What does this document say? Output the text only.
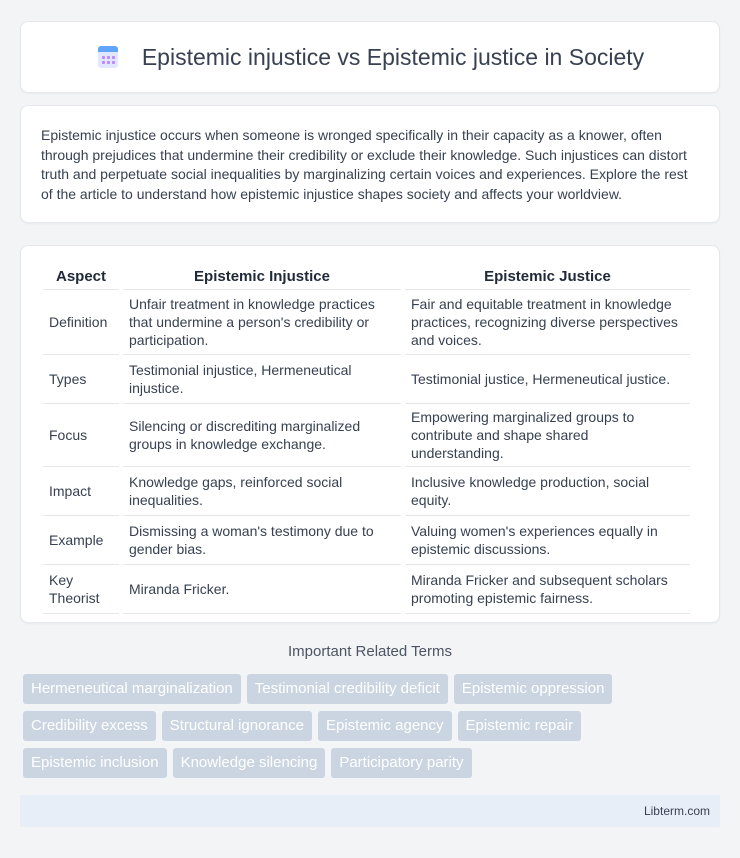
Epistemic injustice vs Epistemic justice in Society

Epistemic injustice occurs when someone is wronged specifically in their capacity as a knower, often through prejudices that undermine their credibility or exclude their knowledge. Such injustices can distort truth and perpetuate social inequalities by marginalizing certain voices and experiences. Explore the rest of the article to understand how epistemic injustice shapes society and affects your worldview.

Aspect	Epistemic Injustice	Epistemic Justice
Definition	Unfair treatment in knowledge practices that undermine a person's credibility or participation.	Fair and equitable treatment in knowledge practices, recognizing diverse perspectives and voices.
Types	Testimonial injustice, Hermeneutical injustice.	Testimonial justice, Hermeneutical justice.
Focus	Silencing or discrediting marginalized groups in knowledge exchange.	Empowering marginalized groups to contribute and shape shared understanding.
Impact	Knowledge gaps, reinforced social inequalities.	Inclusive knowledge production, social equity.
Example	Dismissing a woman's testimony due to gender bias.	Valuing women's experiences equally in epistemic discussions.
Key Theorist	Miranda Fricker.	Miranda Fricker and subsequent scholars promoting epistemic fairness.
Important Related Terms
Hermeneutical marginalization	Testimonial credibility deficit	Epistemic oppression
Credibility excess	Structural ignorance	Epistemic agency	Epistemic repair
Epistemic inclusion	Knowledge silencing	Participatory parity
Libterm.com
